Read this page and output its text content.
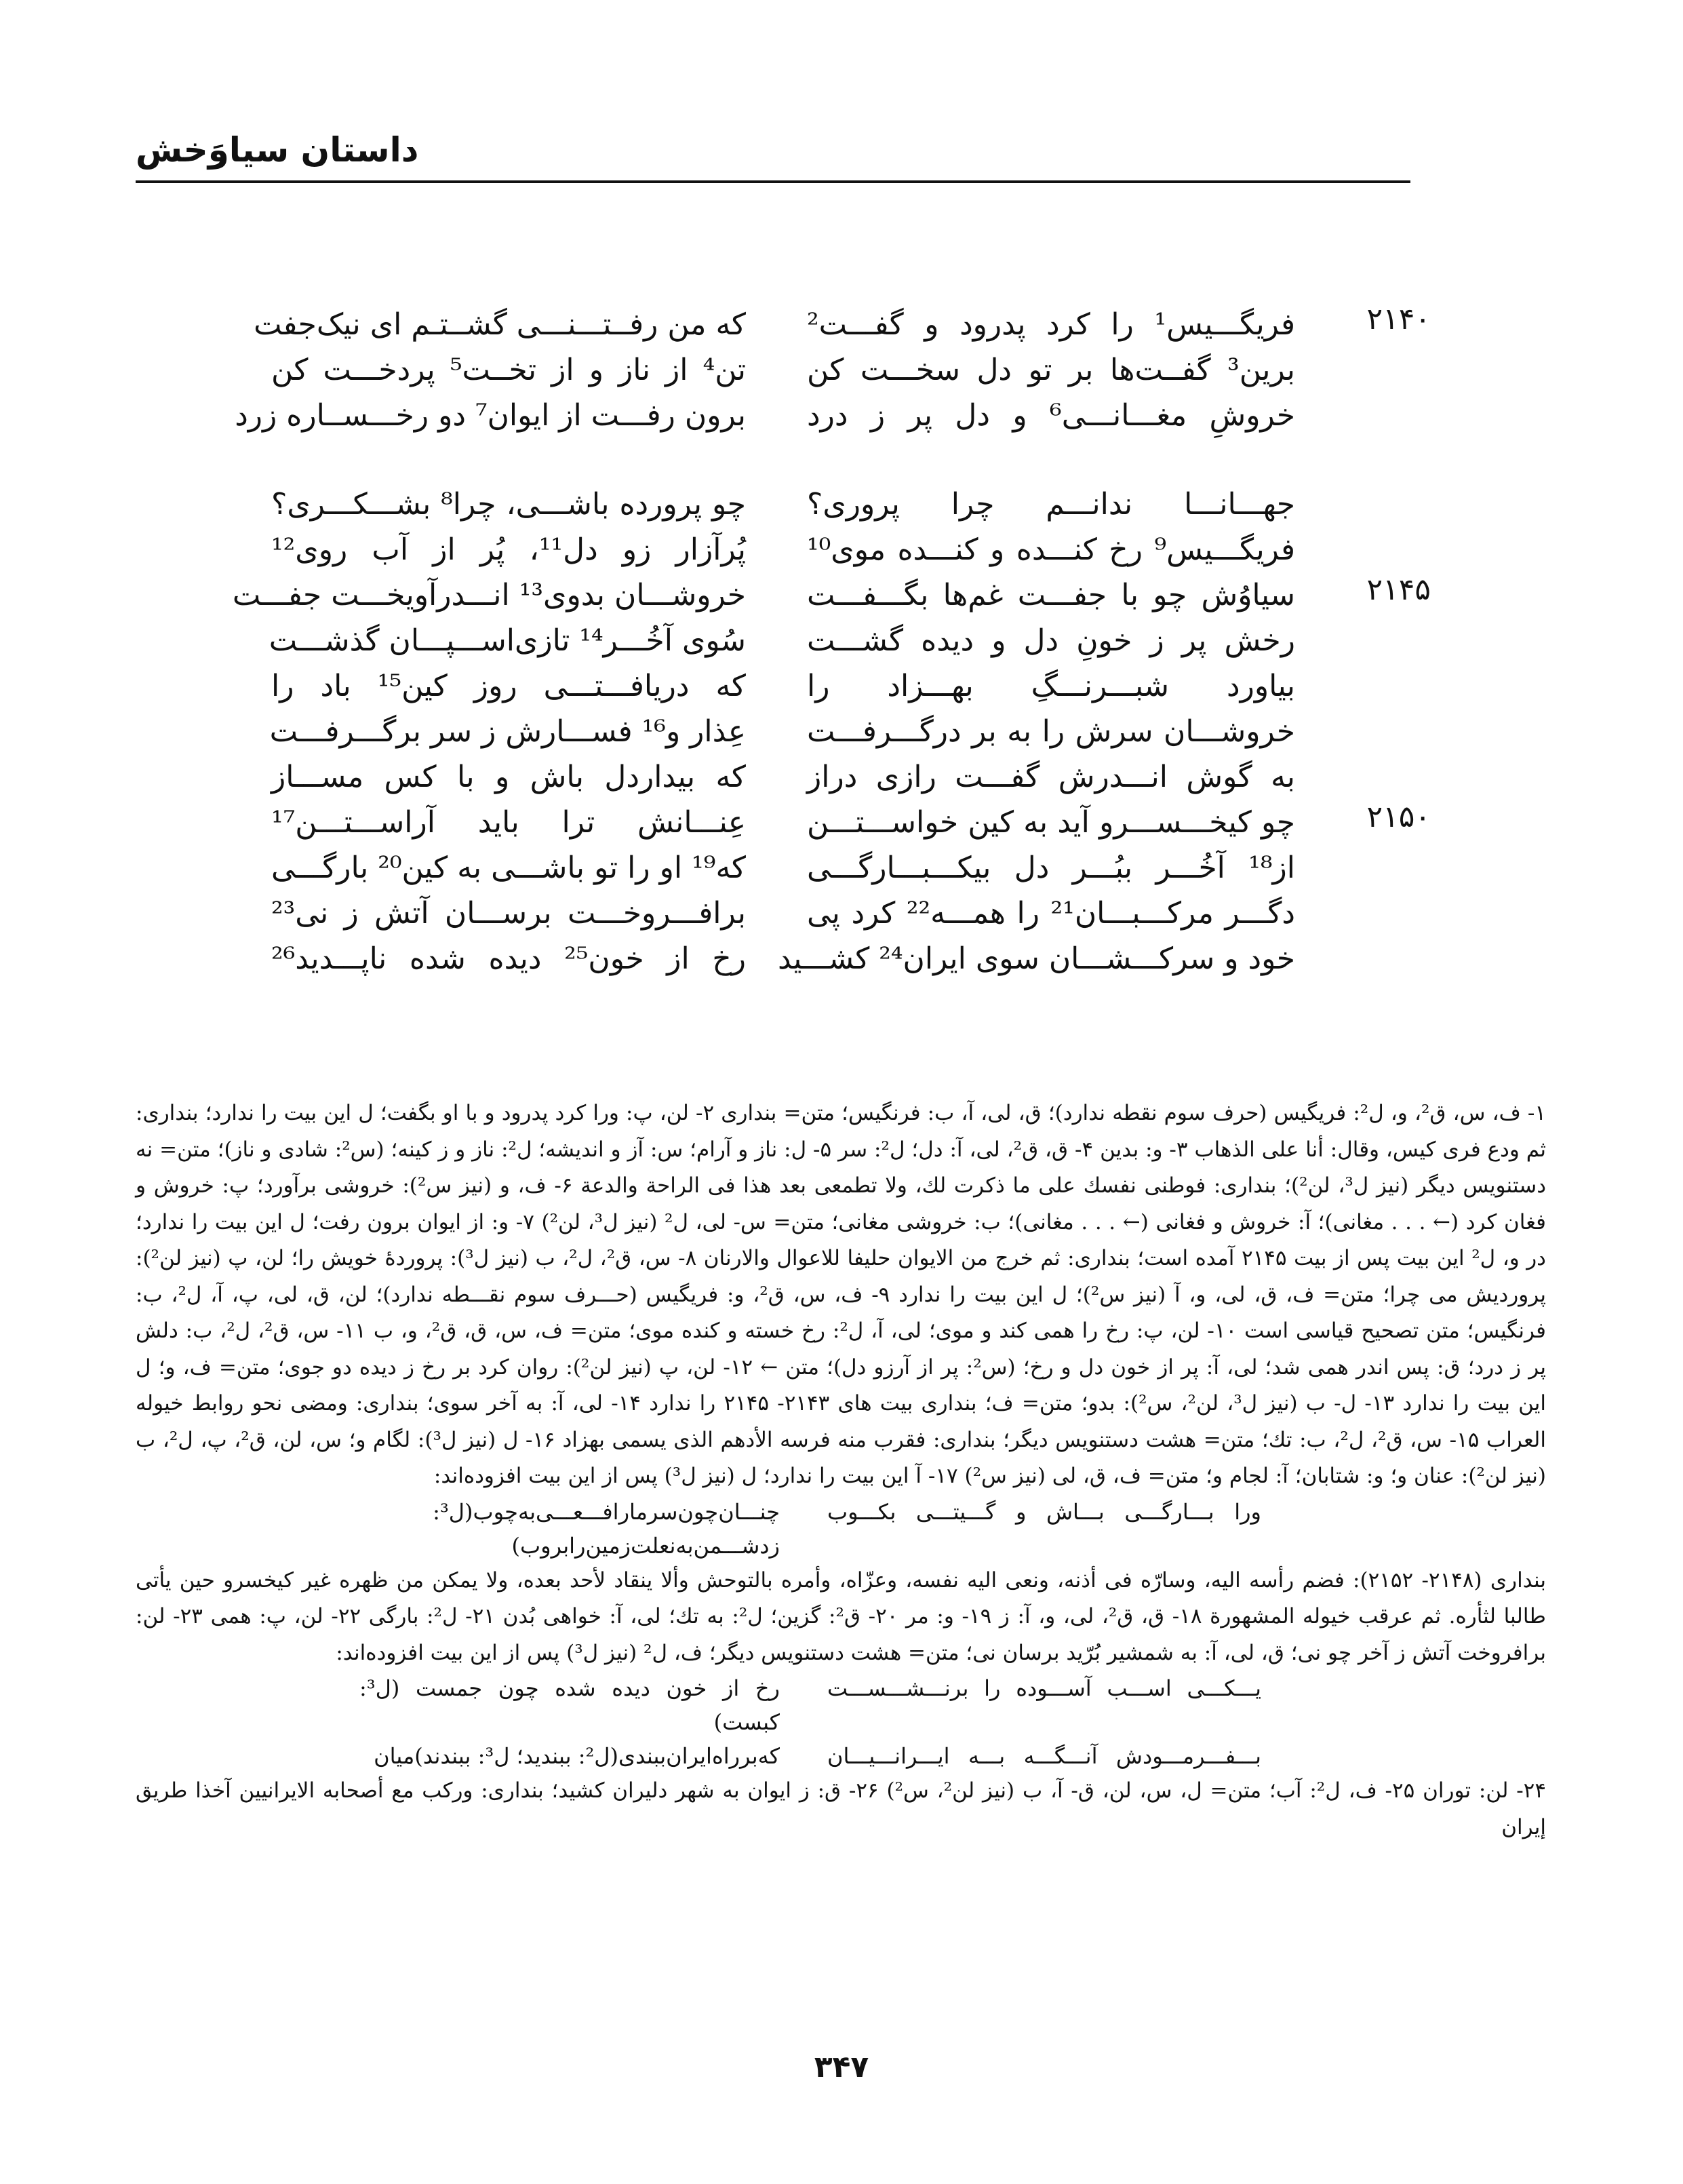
داستان سیاوَخش
۲۱۴۰
فریگـــیس¹ را کرد پدرود و گفـــت²
که من رفــتـــنـــی گشــتـم ای نیک‌جفت
برین³ گفــت‌ها بر تو دل سخـــت کن
تن⁴ از ناز و از تخــت⁵ پردخـــت کن
خروشِ مغـــانـــی⁶ و دل پر ز درد
برون رفـــت از ایوان⁷ دو رخـــســاره زرد
جهـــانـــا ندانـــم چرا پروری؟
چو پرورده باشـــی، چرا⁸ بشـــکـــری؟
فریگـــیس⁹ رخ کنـــده و کنـــده موی¹⁰
پُرآزار زو دل¹¹، پُر از آب روی¹²
۲۱۴۵
سیاوُش چو با جفـــت غم‌ها بگـــفـــت
خروشـــان بدوی¹³ انـــدرآویخـــت جفـــت
رخش پر ز خونِ دل و دیده گشـــت
سُوی آخُـــر¹⁴ تازی‌اســـپـــان گذشـــت
بیاورد شبـــرنـــگِ بهـــزاد را
که دریافـــتـــی روز کین¹⁵ باد را
خروشـــان سرش را به بر درگـــرفـــت
عِذار و¹⁶ فســـارش ز سر برگـــرفـــت
به گوش انـــدرش گفـــت رازی دراز
که بیداردل باش و با کس مســـاز
۲۱۵۰
چو کیخـــســـرو آید به کین خواســـتـــن
عِنـــانش ترا باید آراســـتـــن¹⁷
از¹⁸ آخُـــر ببُـــر دل بیکـــبـــارگـــی
که¹⁹ او را تو باشـــی به کین²⁰ بارگـــی
دگـــر مرکـــبـــان²¹ را همـــه²² کرد پی
برافـــروخـــت برســـان آتش ز نی²³
خود و سرکـــشـــان سوی ایران²⁴ کشـــید
رخ از خون²⁵ دیده شده ناپـــدید²⁶

۱- ف، س، ق²، و، ل²: فریگیس (حرف سوم نقطه ندارد)؛ ق، لی، آ، ب: فرنگیس؛ متن= بنداری ۲- لن، پ: ورا کرد پدرود و با او بگفت؛ ل این بیت را ندارد؛ بنداری: ثم ودع فری کیس، وقال: أنا علی الذهاب ۳- و: بدین ۴- ق، ق²، لی، آ: دل؛ ل²: سر ۵- ل: ناز و آرام؛ س: آز و اندیشه؛ ل²: ناز و ز کینه؛ (س²: شادی و ناز)؛ متن= نه دستنویس دیگر (نیز ل³، لن²)؛ بنداری: فوطنی نفسك علی ما ذکرت لك، ولا تطمعی بعد هذا فی الراحة والدعة ۶- ف، و (نیز س²): خروشی برآورد؛ پ: خروش و فغان کرد (← . . . مغانی)؛ آ: خروش و فغانی (← . . . مغانی)؛ ب: خروشی مغانی؛ متن= س- لی، ل² (نیز ل³، لن²) ۷- و: از ایوان برون رفت؛ ل این بیت را ندارد؛ در و، ل² این بیت پس از بیت ۲۱۴۵ آمده است؛ بنداری: ثم خرج من الایوان حلیفا للاعوال والارنان ۸- س، ق²، ل²، ب (نیز ل³): پروردهٔ خویش را؛ لن، پ (نیز لن²): پروردیش می چرا؛ متن= ف، ق، لی، و، آ (نیز س²)؛ ل این بیت را ندارد ۹- ف، س، ق²، و: فریگیس (حـــرف سوم نقـــطه ندارد)؛ لن، ق، لی، پ، آ، ل²، ب: فرنگیس؛ متن تصحیح قیاسی است ۱۰- لن، پ: رخ را همی کند و موی؛ لی، آ، ل²: رخ خسته و کنده موی؛ متن= ف، س، ق، ق²، و، ب ۱۱- س، ق²، ل²، ب: دلش پر ز درد؛ ق: پس اندر همی شد؛ لی، آ: پر از خون دل و رخ؛ (س²: پر از آرزو دل)؛ متن ← ۱۲- لن، پ (نیز لن²): روان کرد بر رخ ز دیده دو جوی؛ متن= ف، و؛ ل این بیت را ندارد ۱۳- ل- ب (نیز ل³، لن²، س²): بدو؛ متن= ف؛ بنداری بیت های ۲۱۴۳- ۲۱۴۵ را ندارد ۱۴- لی، آ: به آخر سوی؛ بنداری: ومضی نحو روابط خیوله العراب ۱۵- س، ق²، ل²، ب: تك؛ متن= هشت دستنویس دیگر؛ بنداری: فقرب منه فرسه الأدهم الذی یسمی بهزاد ۱۶- ل (نیز ل³): لگام و؛ س، لن، ق²، پ، ل²، ب (نیز لن²): عنان و؛ و: شتابان؛ آ: لجام و؛ متن= ف، ق، لی (نیز س²) ۱۷- آ این بیت را ندارد؛ ل (نیز ل³) پس از این بیت افزوده‌اند:

ورا بـــارگـــی بـــاش و گـــیتـــی بکـــوب
چنـــان‌چون‌سرمارافـــعـــی‌به‌چوب(ل³: زدشـــمن‌به‌نعلت‌زمین‌رابروب)

بنداری (۲۱۴۸- ۲۱۵۲): فضم رأسه الیه، وسارّه فی أذنه، ونعی الیه نفسه، وعزّاه، وأمره بالتوحش وألا ینقاد لأحد بعده، ولا یمکن من ظهره غیر کیخسرو حین یأتی طالبا لثأره. ثم عرقب خیوله المشهورة ۱۸- ق، ق²، لی، و، آ: ز ۱۹- و: مر ۲۰- ق²: گزین؛ ل²: به تك؛ لی، آ: خواهی بُدن ۲۱- ل²: بارگی ۲۲- لن، پ: همی ۲۳- لن: برافروخت آتش ز آخر چو نی؛ ق، لی، آ: به شمشیر بُرّید برسان نی؛ متن= هشت دستنویس دیگر؛ ف، ل² (نیز ل³) پس از این بیت افزوده‌اند:

یـــکـــی اســـب آســـوده را برنـــشـــســـت
رخ از خون دیده شده چون جمست (ل³: کبست)
بـــفـــرمـــودش آنـــگـــه بـــه ایـــرانـــیـــان
که‌برراه‌ایران‌ببندی(ل²: ببندید؛ ل³: ببندند)میان

۲۴- لن: توران ۲۵- ف، ل²: آب؛ متن= ل، س، لن، ق- آ، ب (نیز لن²، س²) ۲۶- ق: ز ایوان به شهر دلیران کشید؛ بنداری: ورکب مع أصحابه الایرانیین آخذا طریق إیران

۳۴۷
